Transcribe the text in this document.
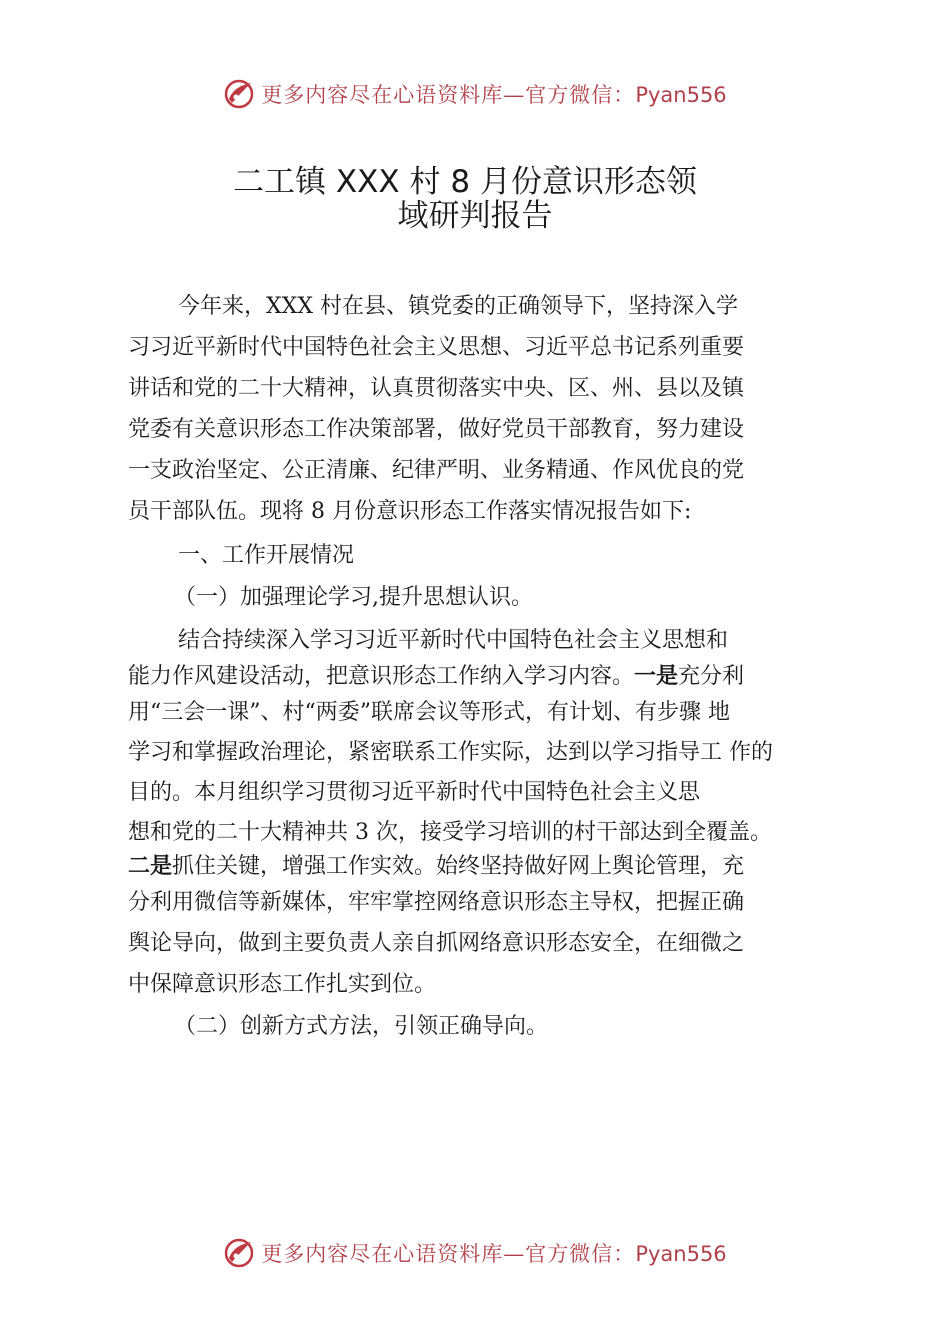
更多内容尽在心语资料库—官方微信：Pyan556
二工镇 XXX 村 8 月份意识形态领
域研判报告
今年来，XXX 村在县、镇党委的正确领导下，坚持深入学
习习近平新时代中国特色社会主义思想、习近平总书记系列重要
讲话和党的二十大精神，认真贯彻落实中央、区、州、县以及镇
党委有关意识形态工作决策部署，做好党员干部教育，努力建设
一支政治坚定、公正清廉、纪律严明、业务精通、作风优良的党
员干部队伍。现将 8 月份意识形态工作落实情况报告如下:
一、工作开展情况
（一）加强理论学习,提升思想认识。
结合持续深入学习习近平新时代中国特色社会主义思想和
能力作风建设活动，把意识形态工作纳入学习内容。一是充分利
用“三会一课”、村“两委”联席会议等形式，有计划、有步骤 地
学习和掌握政治理论，紧密联系工作实际，达到以学习指导工 作的
目的。本月组织学习贯彻习近平新时代中国特色社会主义思
想和党的二十大精神共 3 次，接受学习培训的村干部达到全覆盖。
二是抓住关键，增强工作实效。始终坚持做好网上舆论管理，充
分利用微信等新媒体，牢牢掌控网络意识形态主导权，把握正确
舆论导向，做到主要负责人亲自抓网络意识形态安全，在细微之
中保障意识形态工作扎实到位。
（二）创新方式方法，引领正确导向。
更多内容尽在心语资料库—官方微信：Pyan556
